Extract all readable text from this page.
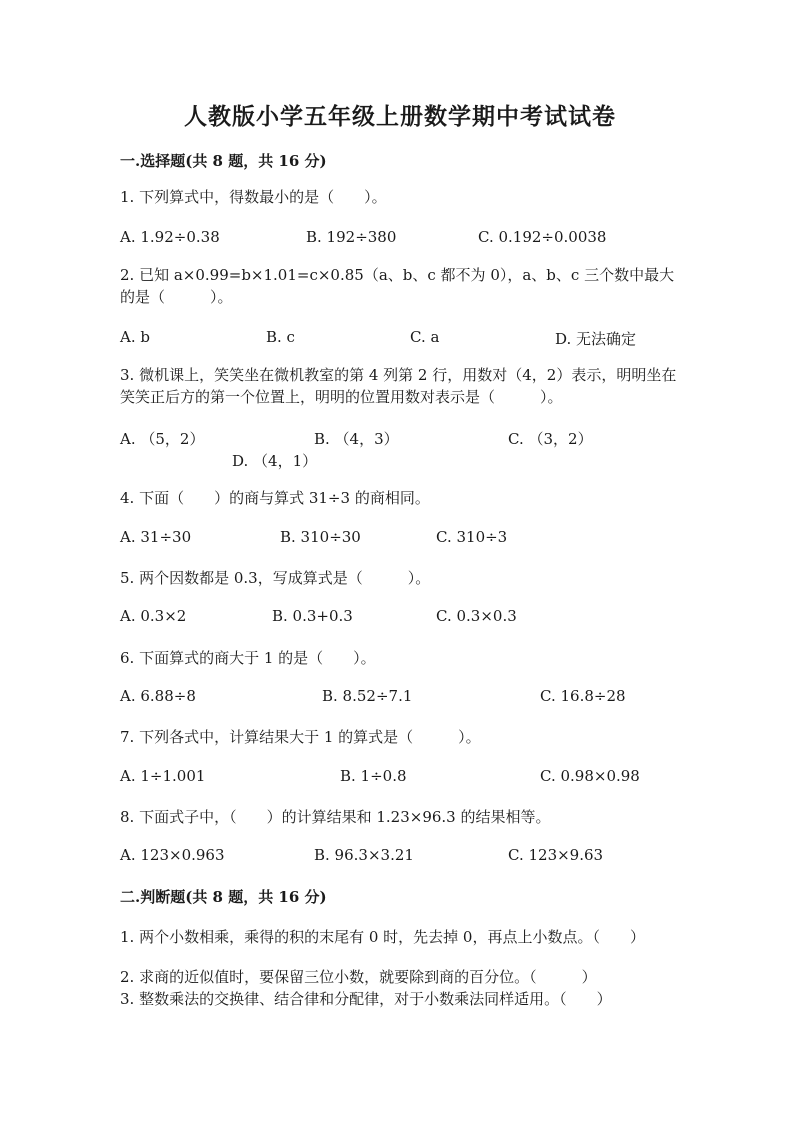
人教版小学五年级上册数学期中考试试卷
一.选择题(共 8 题，共 16 分)
1. 下列算式中，得数最小的是（　　）。
A. 1.92÷0.38	B. 192÷380	C. 0.192÷0.0038
2. 已知 a×0.99=b×1.01=c×0.85（a、b、c 都不为 0），a、b、c 三个数中最大的是（　　　）。
A. b	B. c	C. a	D. 无法确定
3. 微机课上，笑笑坐在微机教室的第 4 列第 2 行，用数对（4，2）表示，明明坐在笑笑正后方的第一个位置上，明明的位置用数对表示是（　　　）。
A. （5，2）	B. （4，3）	C. （3，2）
D. （4，1）
4. 下面（　　）的商与算式 31÷3 的商相同。
A. 31÷30	B. 310÷30	C. 310÷3
5. 两个因数都是 0.3，写成算式是（　　　）。
A. 0.3×2	B. 0.3+0.3	C. 0.3×0.3
6. 下面算式的商大于 1 的是（　　）。
A. 6.88÷8	B. 8.52÷7.1	C. 16.8÷28
7. 下列各式中，计算结果大于 1 的算式是（　　　）。
A. 1÷1.001	B. 1÷0.8	C. 0.98×0.98
8. 下面式子中，（　　）的计算结果和 1.23×96.3 的结果相等。
A. 123×0.963	B. 96.3×3.21	C. 123×9.63
二.判断题(共 8 题，共 16 分)
1. 两个小数相乘，乘得的积的末尾有 0 时，先去掉 0，再点上小数点。（　　）
2. 求商的近似值时，要保留三位小数，就要除到商的百分位。（　　　）
3. 整数乘法的交换律、结合律和分配律，对于小数乘法同样适用。（　　）
